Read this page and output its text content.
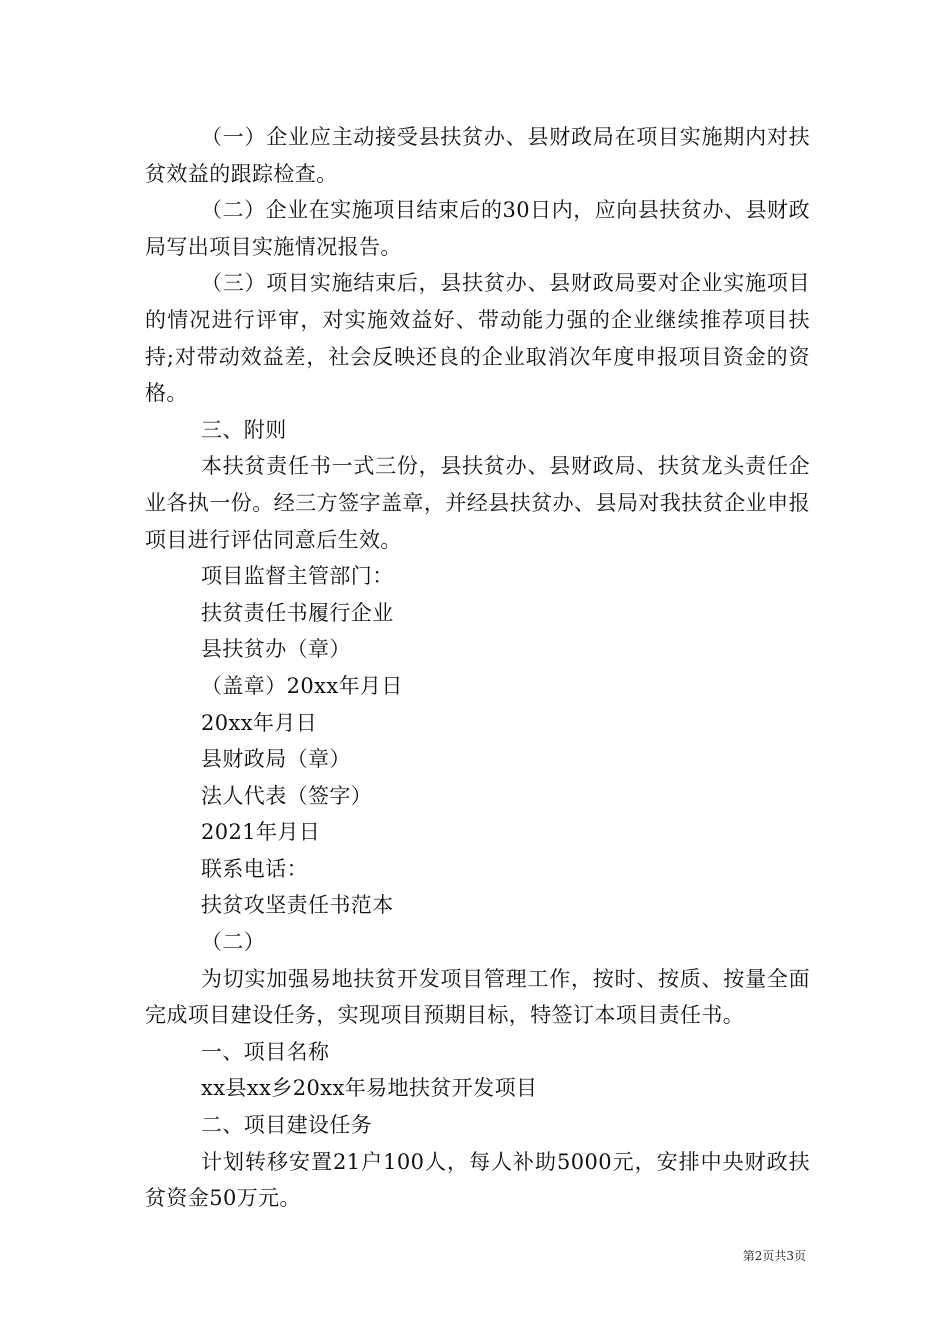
（一）企业应主动接受县扶贫办、县财政局在项目实施期内对扶贫效益的跟踪检查。

（二）企业在实施项目结束后的30日内，应向县扶贫办、县财政局写出项目实施情况报告。

（三）项目实施结束后，县扶贫办、县财政局要对企业实施项目的情况进行评审，对实施效益好、带动能力强的企业继续推荐项目扶持;对带动效益差，社会反映还良的企业取消次年度申报项目资金的资格。

三、附则

本扶贫责任书一式三份，县扶贫办、县财政局、扶贫龙头责任企业各执一份。经三方签字盖章，并经县扶贫办、县局对我扶贫企业申报项目进行评估同意后生效。

项目监督主管部门：

扶贫责任书履行企业

县扶贫办（章）

（盖章）20xx年月日

20xx年月日

县财政局（章）

法人代表（签字）

2021年月日

联系电话：

扶贫攻坚责任书范本

（二）

为切实加强易地扶贫开发项目管理工作，按时、按质、按量全面完成项目建设任务，实现项目预期目标，特签订本项目责任书。

一、项目名称

xx县xx乡20xx年易地扶贫开发项目

二、项目建设任务

计划转移安置21户100人，每人补助5000元，安排中央财政扶贫资金50万元。

第2页共3页
